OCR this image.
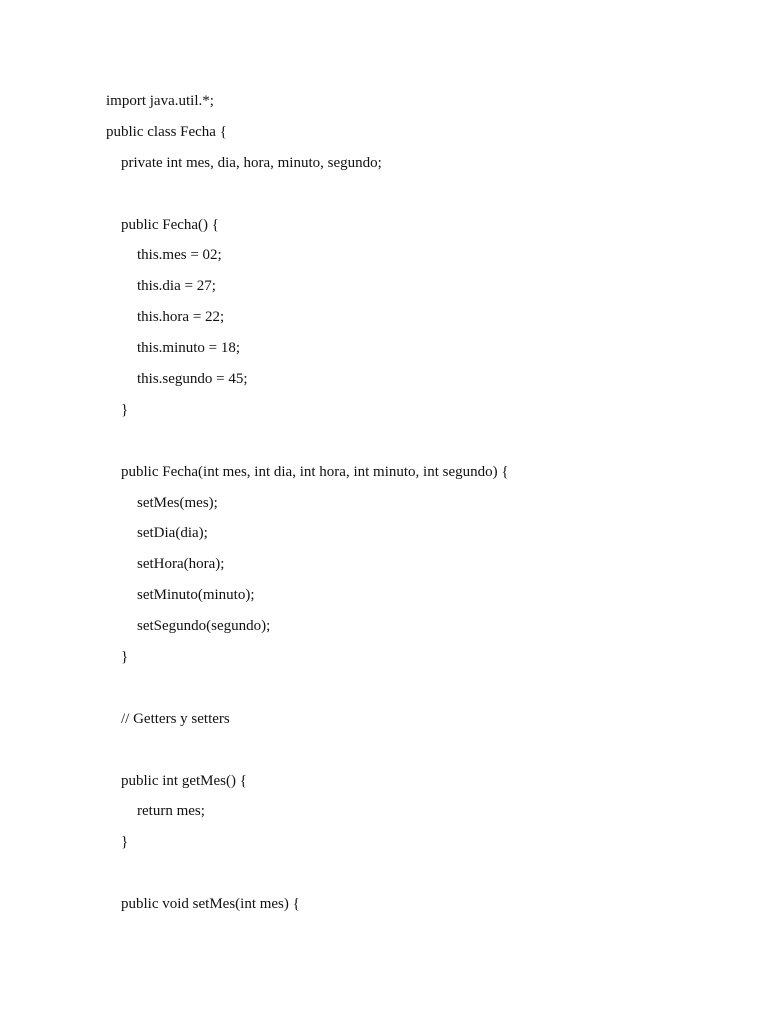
import java.util.*;
public class Fecha {
private int mes, dia, hora, minuto, segundo;
public Fecha() {
this.mes = 02;
this.dia = 27;
this.hora = 22;
this.minuto = 18;
this.segundo = 45;
}
public Fecha(int mes, int dia, int hora, int minuto, int segundo) {
setMes(mes);
setDia(dia);
setHora(hora);
setMinuto(minuto);
setSegundo(segundo);
}
// Getters y setters
public int getMes() {
return mes;
}
public void setMes(int mes) {
